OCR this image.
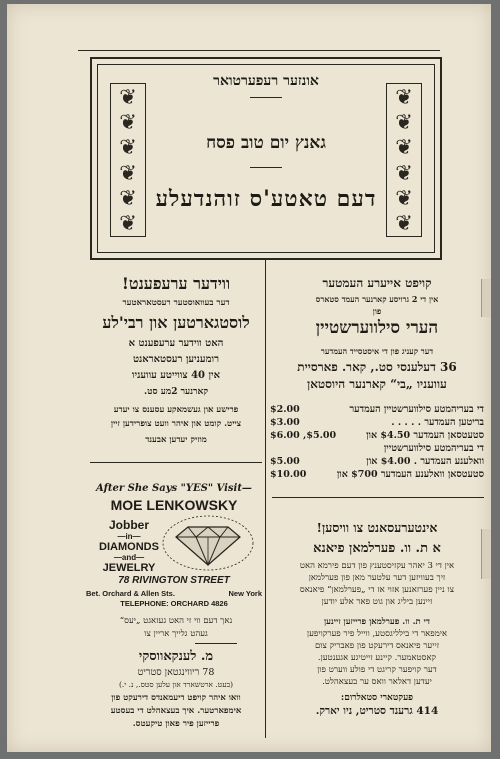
❦
❦
❦
❦
❦
❦
❦
❦
❦
❦
❦
❦
אונזער רעפערטואר
גאנץ יום טוב פסח
דעם טאטע'ס זוהנדעלע
ווידער ערעפענט!
דער בעוואוסטער רעסטאראטער
לוסטגארטען און רבי'לע
האט ווידער ערעפענט א
רומעניען רעסטאראנט
אין 40 צווייטע עוועניו
קארנער 2מע סט.
פרישע און געשמאקע עסענס צו יעדע
צייט. קומט און איהר וועט צופרידען זיין
מוזיק יעדען אבענד
קויפט אייערע העמטער
אין די 2 גרויסע קארנער העמד סטארס
פון
הערי סילווערשטיין
דער קעניג פון די איסטסייד העמדער
36 דעלענסי סט., קאר. פארסיית
עוועניו „בי“ קארנער היוסטאן
די בעריהמטע סילווערשטיין העמדער
$2.00
בריטען העמדער . . . . .
$3.00
סטעטסאן העמדער $4.50 און
$6.00 ,$5.00
די בעריהמטע סילווערשטיין
וואלענע העמדער . $4.00 און
$5.00
סטעטסאן וואלענע העמדער $700 און
$10.00
After She Says "YES" Visit—
MOE LENKOWSKY
Jobber
—in—
DIAMONDS
—and—
JEWELRY
78 RIVINGTON STREET
Bet. Orchard & Allen Sts.	New York
TELEPHONE: ORCHARD 4826
נאך דעם ווי זי האט געזאגט „יעס“
געהט גלייך אריין צו
מ. לענקאווסקי
78 ריווינגטאן סטריט
(בעט. ארטשארד און עלען סטס., נ. י.)
וואו איהר קויפט דיעמאנדס דירעקט פון
אימפארטער. איך בעצאהלט די בעסטע
פרייזען פיר פאון טיקעטס.
אינטערעסאנט צו וויסען!
א ת. וו. פערלמאן פיאנא
אין די 3 יאהר עקזיסטענץ פון דעם פירמא האט
זיך בעוויזען דער עלטער מאן פון פערלמאן
צו ניין פערזאנען אזוי אז די „פערלמאן“ פיאנאס
זיינען ביליג און גוט פאר אלע יודען
די ת. וו. פערלמאן פרייזען זיינען
אימפאר די בילליגסטע, ווייל פיר פערקויפען
זייער פיאנאס דירעקט פון פאבריק צום
קאסטאמער. קיינע זייטיגע אגענטען.
דער קויפער קריגט די פולע ווערט פון
יעדען דאלאר וואס ער בעצאהלט.
פעקטארי סטאלרום:
414 גרענד סטריט, ניו יארק.
